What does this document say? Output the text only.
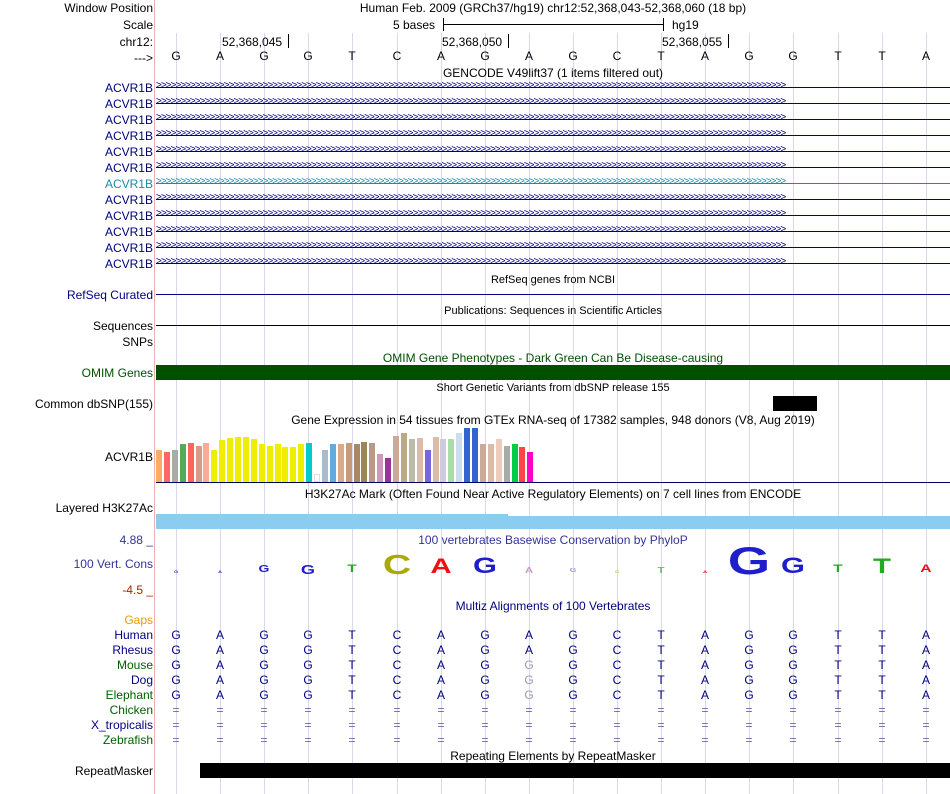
Window Position	Human Feb. 2009 (GRCh37/hg19) chr12:52,368,043-52,368,060 (18 bp)
Scale	5 bases	hg19
chr12:	52,368,045	52,368,050	52,368,055
--->	G	A	G	G	T	C	A	G	A	G	C	T	A	G	G	T	T	A
GENCODE V49lift37 (1 items filtered out)
ACVR1B >>>>>>>>>>>>>>>>>>>>>>>>>>>>>>>>>>>>>>>>>>>>>>>>>>>>>>>>>>>>>>>>>>>>>>>>>>>>>>>>>>>>>>>>>>>>>>>>>>>>>>>>>>>>>>>>>>>>>>>>>>>>>>>>>>
ACVR1B >>>>>>>>>>>>>>>>>>>>>>>>>>>>>>>>>>>>>>>>>>>>>>>>>>>>>>>>>>>>>>>>>>>>>>>>>>>>>>>>>>>>>>>>>>>>>>>>>>>>>>>>>>>>>>>>>>>>>>>>>>>>>>>>>>
ACVR1B >>>>>>>>>>>>>>>>>>>>>>>>>>>>>>>>>>>>>>>>>>>>>>>>>>>>>>>>>>>>>>>>>>>>>>>>>>>>>>>>>>>>>>>>>>>>>>>>>>>>>>>>>>>>>>>>>>>>>>>>>>>>>>>>>>
ACVR1B >>>>>>>>>>>>>>>>>>>>>>>>>>>>>>>>>>>>>>>>>>>>>>>>>>>>>>>>>>>>>>>>>>>>>>>>>>>>>>>>>>>>>>>>>>>>>>>>>>>>>>>>>>>>>>>>>>>>>>>>>>>>>>>>>>
ACVR1B >>>>>>>>>>>>>>>>>>>>>>>>>>>>>>>>>>>>>>>>>>>>>>>>>>>>>>>>>>>>>>>>>>>>>>>>>>>>>>>>>>>>>>>>>>>>>>>>>>>>>>>>>>>>>>>>>>>>>>>>>>>>>>>>>>
ACVR1B >>>>>>>>>>>>>>>>>>>>>>>>>>>>>>>>>>>>>>>>>>>>>>>>>>>>>>>>>>>>>>>>>>>>>>>>>>>>>>>>>>>>>>>>>>>>>>>>>>>>>>>>>>>>>>>>>>>>>>>>>>>>>>>>>>
ACVR1B >>>>>>>>>>>>>>>>>>>>>>>>>>>>>>>>>>>>>>>>>>>>>>>>>>>>>>>>>>>>>>>>>>>>>>>>>>>>>>>>>>>>>>>>>>>>>>>>>>>>>>>>>>>>>>>>>>>>>>>>>>>>>>>>>>
ACVR1B >>>>>>>>>>>>>>>>>>>>>>>>>>>>>>>>>>>>>>>>>>>>>>>>>>>>>>>>>>>>>>>>>>>>>>>>>>>>>>>>>>>>>>>>>>>>>>>>>>>>>>>>>>>>>>>>>>>>>>>>>>>>>>>>>>
ACVR1B >>>>>>>>>>>>>>>>>>>>>>>>>>>>>>>>>>>>>>>>>>>>>>>>>>>>>>>>>>>>>>>>>>>>>>>>>>>>>>>>>>>>>>>>>>>>>>>>>>>>>>>>>>>>>>>>>>>>>>>>>>>>>>>>>>
ACVR1B >>>>>>>>>>>>>>>>>>>>>>>>>>>>>>>>>>>>>>>>>>>>>>>>>>>>>>>>>>>>>>>>>>>>>>>>>>>>>>>>>>>>>>>>>>>>>>>>>>>>>>>>>>>>>>>>>>>>>>>>>>>>>>>>>>
ACVR1B >>>>>>>>>>>>>>>>>>>>>>>>>>>>>>>>>>>>>>>>>>>>>>>>>>>>>>>>>>>>>>>>>>>>>>>>>>>>>>>>>>>>>>>>>>>>>>>>>>>>>>>>>>>>>>>>>>>>>>>>>>>>>>>>>>
ACVR1B >>>>>>>>>>>>>>>>>>>>>>>>>>>>>>>>>>>>>>>>>>>>>>>>>>>>>>>>>>>>>>>>>>>>>>>>>>>>>>>>>>>>>>>>>>>>>>>>>>>>>>>>>>>>>>>>>>>>>>>>>>>>>>>>>>
RefSeq genes from NCBI
RefSeq Curated
Publications: Sequences in Scientific Articles
Sequences
SNPs
OMIM Gene Phenotypes - Dark Green Can Be Disease-causing
OMIM Genes
Short Genetic Variants from dbSNP release 155
Common dbSNP(155)
Gene Expression in 54 tissues from GTEx RNA-seq of 17382 samples, 948 donors (V8, Aug 2019)
ACVR1B
H3K27Ac Mark (Often Found Near Active Regulatory Elements) on 7 cell lines from ENCODE
Layered H3K27Ac
100 vertebrates Basewise Conservation by PhyloP
4.88 _
100 Vert. Cons
-4.5 _
G	A	G	G	T C A G	A	G	C	T	A G G	T	T	A
Multiz Alignments of 100 Vertebrates
Gaps
Human	G	A	G	G	T	C	A	G	A	G	C	T	A	G	G	T	T	A
Rhesus	G	A	G	G	T	C	A	G	A	G	C	T	A	G	G	T	T	A
Mouse	G	A	G	G	T	C	A	G	G	G	C	T	A	G	G	T	T	A
Dog	G	A	G	G	T	C	A	G	G	G	C	T	A	G	G	T	T	A
Elephant	G	A	G	G	T	C	A	G	G	G	C	T	A	G	G	T	T	A
Chicken	=	=	=	=	=	=	=	=	=	=	=	=	=	=	=	=	=	=
X_tropicalis	=	=	=	=	=	=	=	=	=	=	=	=	=	=	=	=	=	=
Zebrafish	=	=	=	=	=	=	=	=	=	=	=	=	=	=	=	=	=	=
Repeating Elements by RepeatMasker
RepeatMasker
